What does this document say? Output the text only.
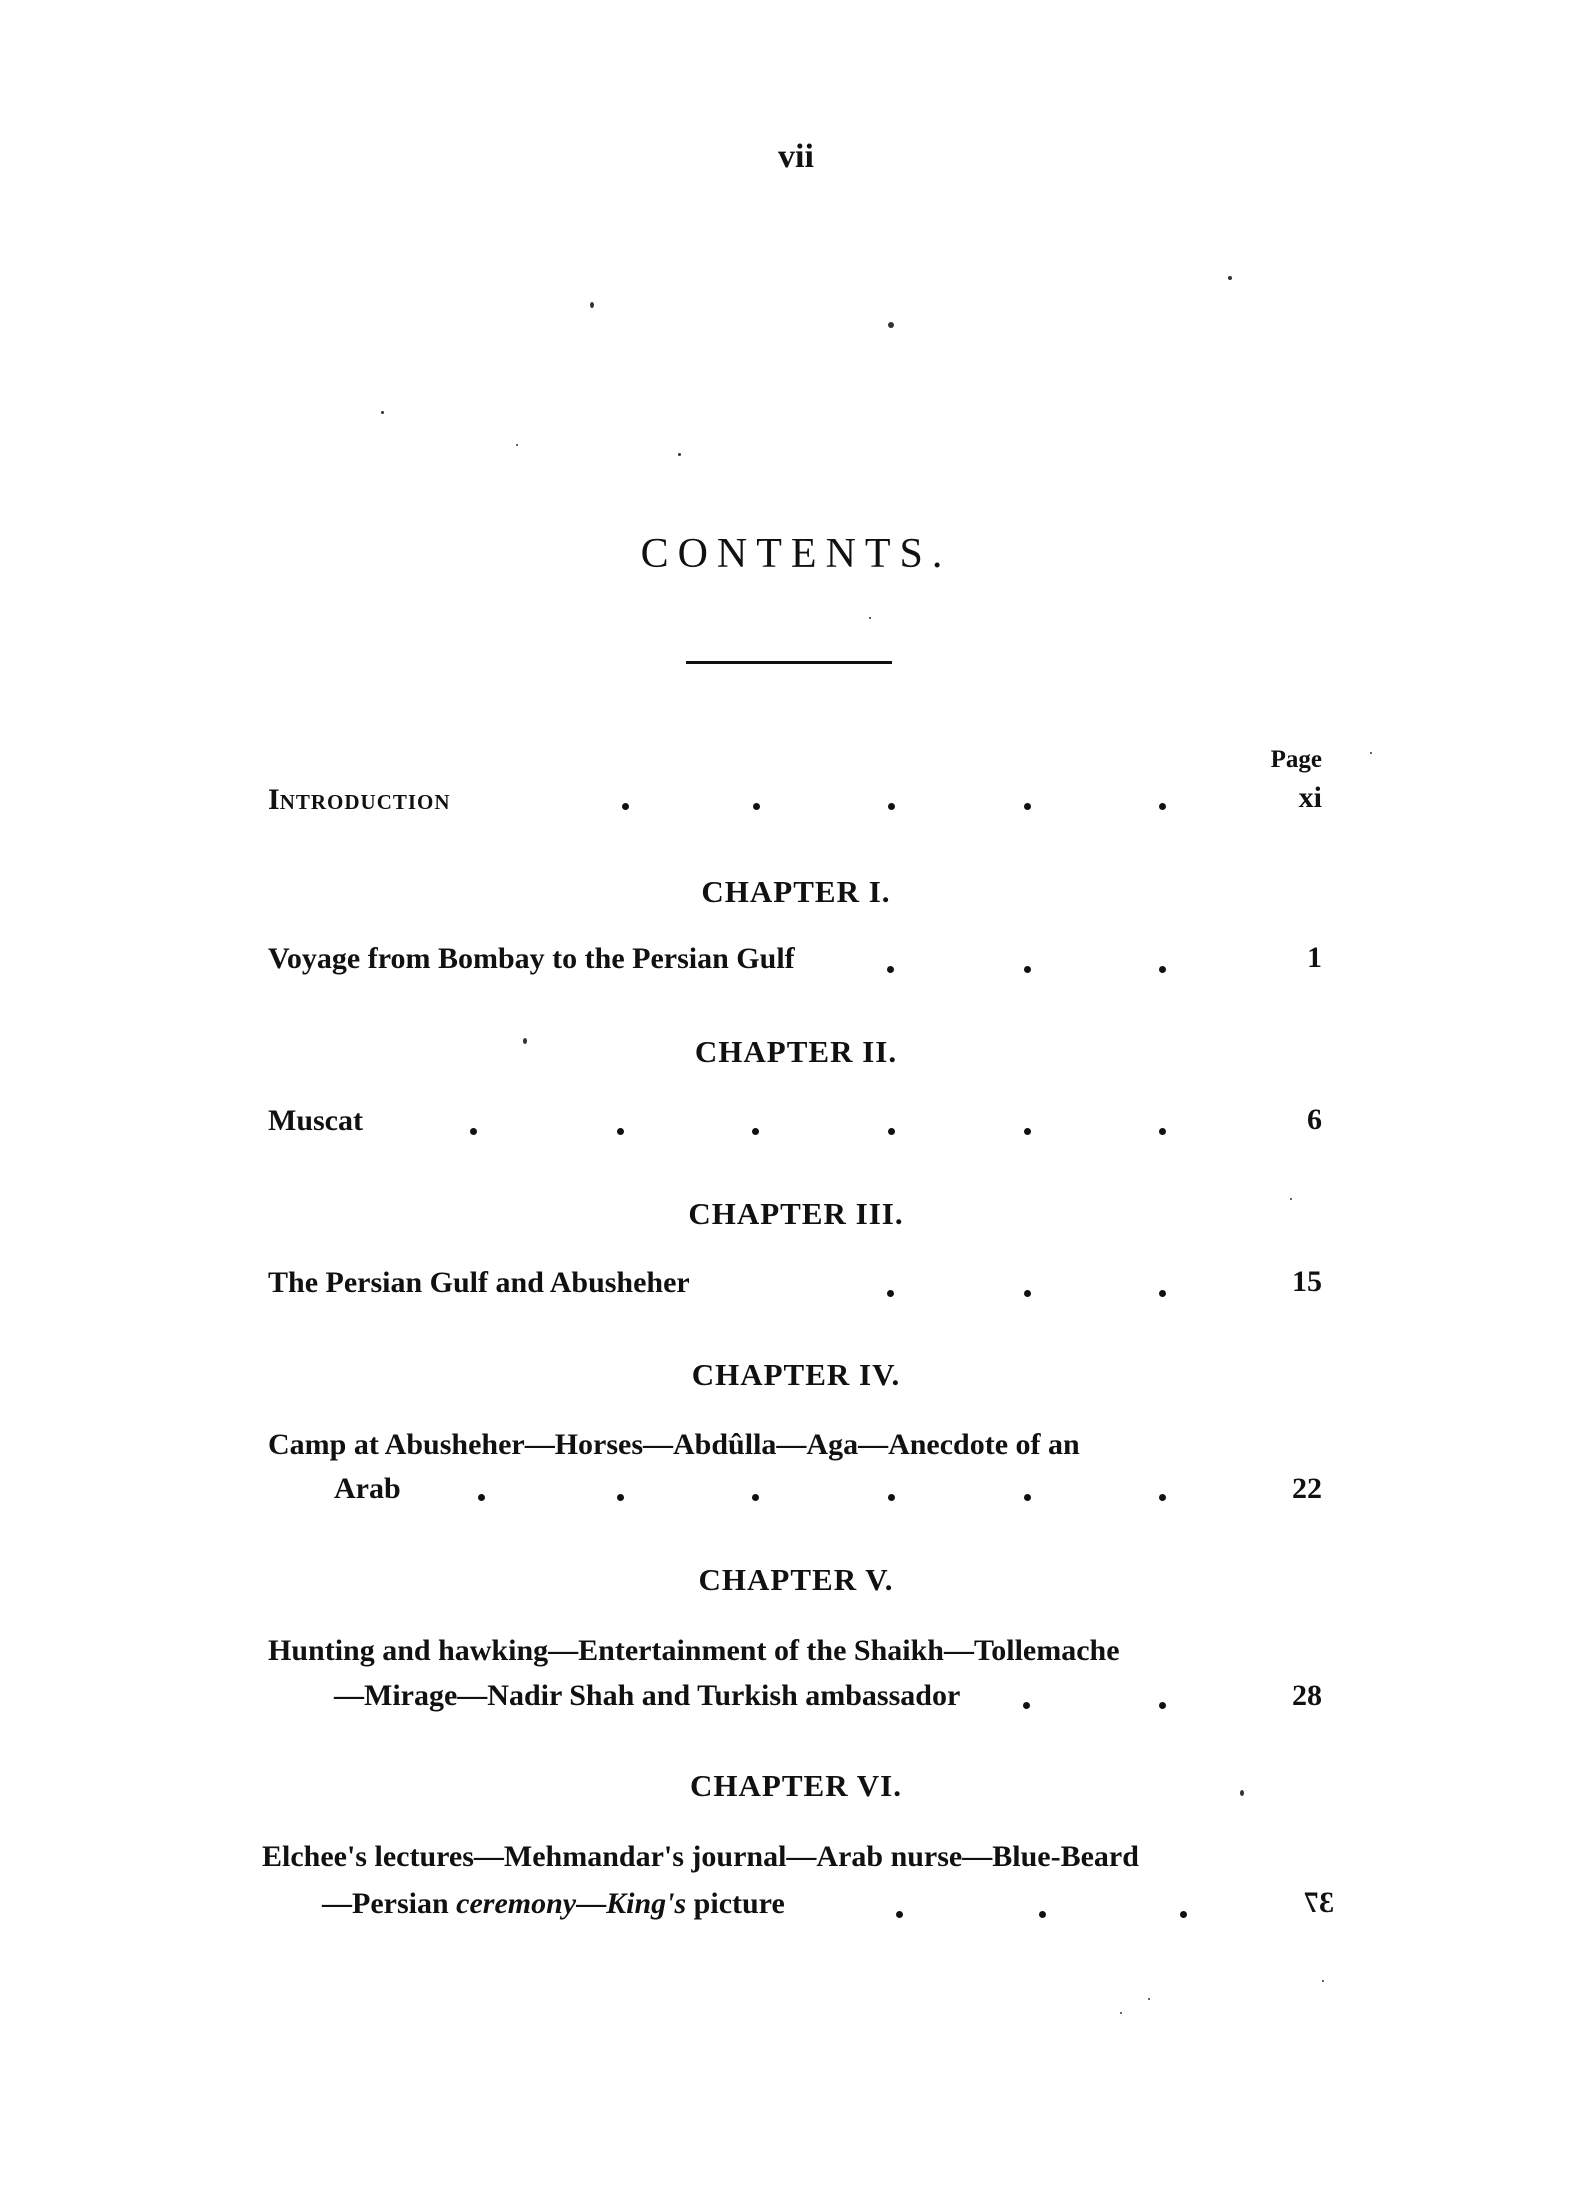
vii
CONTENTS.
Page
INTRODUCTION	xi
CHAPTER I.
Voyage from Bombay to the Persian Gulf	1
CHAPTER II.
Muscat	6
CHAPTER III.
The Persian Gulf and Abusheher	15
CHAPTER IV.
Camp at Abusheher—Horses—Abdûlla—Aga—Anecdote of an
Arab	22
CHAPTER V.
Hunting and hawking—Entertainment of the Shaikh—Tollemache
—Mirage—Nadir Shah and Turkish ambassador	28
CHAPTER VI.
Elchee's lectures—Mehmandar's journal—Arab nurse—Blue-Beard
—Persian ceremony—King's picture	37
